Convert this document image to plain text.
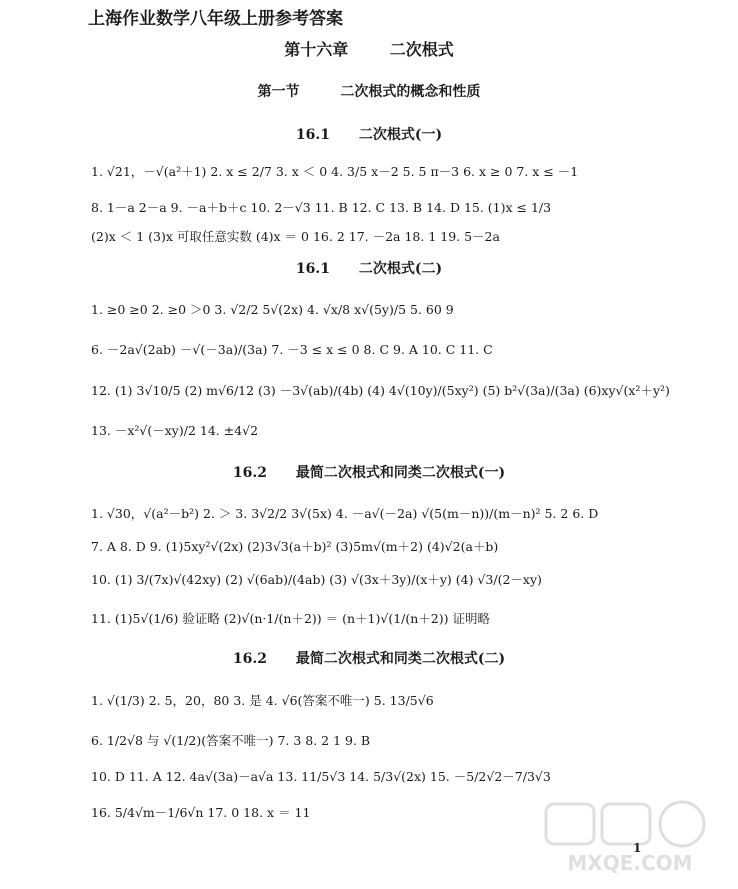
上海作业数学八年级上册参考答案
第十六章	二次根式
第一节	二次根式的概念和性质
16.1 二次根式(一)
1. √21，－√(a²＋1) 2. x ≤ 2/7 3. x ＜ 0 4. 3/5 x－2 5. 5 π－3 6. x ≥ 0 7. x ≤ －1
8. 1－a 2－a 9. －a＋b＋c 10. 2－√3 11. B 12. C 13. B 14. D 15. (1)x ≤ 1/3
(2)x ＜ 1 (3)x 可取任意实数 (4)x ＝ 0 16. 2 17. －2a 18. 1 19. 5－2a
16.1 二次根式(二)
1. ≥0 ≥0 2. ≥0 ＞0 3. √2/2 5√(2x) 4. √x/8 x√(5y)/5 5. 60 9
6. －2a√(2ab) －√(－3a)/(3a) 7. －3 ≤ x ≤ 0 8. C 9. A 10. C 11. C
12. (1) 3√10/5 (2) m√6/12 (3) －3√(ab)/(4b) (4) 4√(10y)/(5xy²) (5) b²√(3a)/(3a) (6)xy√(x²＋y²)
13. －x²√(－xy)/2 14. ±4√2
16.2 最简二次根式和同类二次根式(一)
1. √30，√(a²－b²) 2. ＞ 3. 3√2/2 3√(5x) 4. －a√(－2a) √(5(m－n))/(m－n)² 5. 2 6. D
7. A 8. D 9. (1)5xy²√(2x) (2)3√3(a＋b)² (3)5m√(m＋2) (4)√2(a＋b)
10. (1) 3/(7x)√(42xy) (2) √(6ab)/(4ab) (3) √(3x＋3y)/(x＋y) (4) √3/(2－xy)
11. (1)5√(1/6) 验证略 (2)√(n·1/(n＋2)) ＝ (n＋1)√(1/(n＋2)) 证明略
16.2 最简二次根式和同类二次根式(二)
1. √(1/3) 2. 5，20，80 3. 是 4. √6(答案不唯一) 5. 13/5√6
6. 1/2√8 与 √(1/2)(答案不唯一) 7. 3 8. 2 1 9. B
10. D 11. A 12. 4a√(3a)－a√a 13. 11/5√3 14. 5/3√(2x) 15. －5/2√2－7/3√3
16. 5/4√m－1/6√n 17. 0 18. x ＝ 11
1
MXQE.COM
